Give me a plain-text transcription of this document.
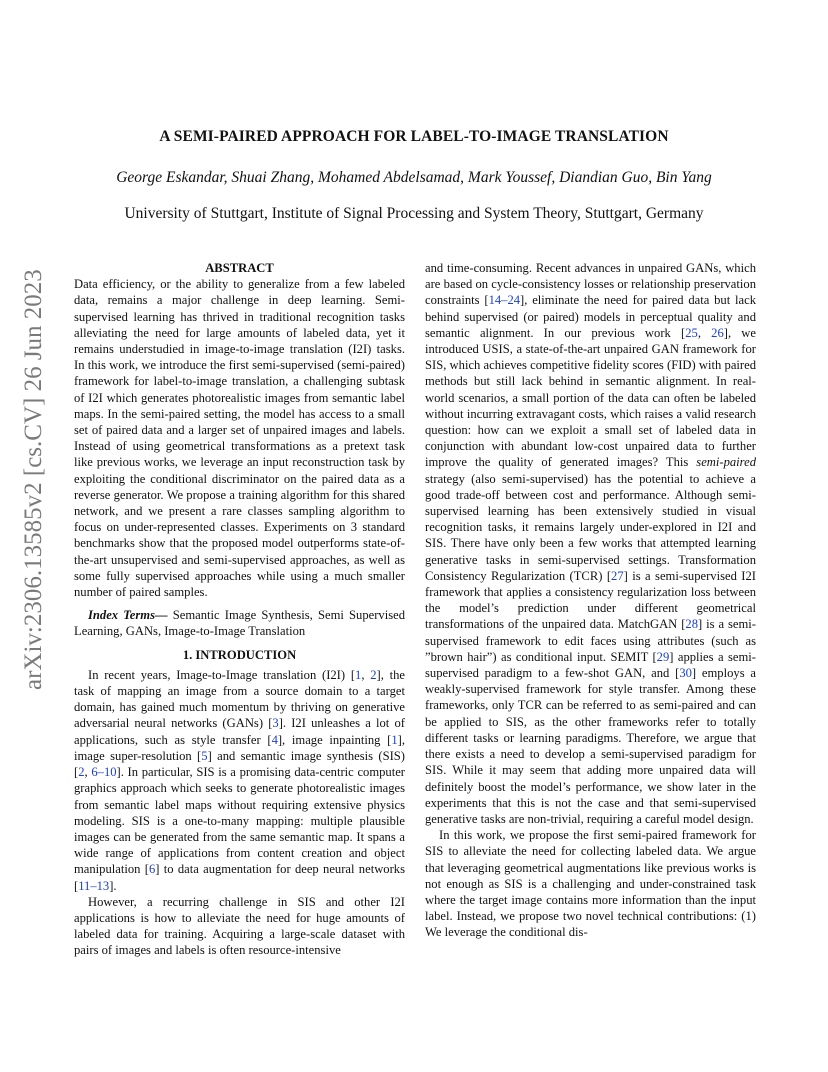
arXiv:2306.13585v2 [cs.CV] 26 Jun 2023
A SEMI-PAIRED APPROACH FOR LABEL-TO-IMAGE TRANSLATION
George Eskandar, Shuai Zhang, Mohamed Abdelsamad, Mark Youssef, Diandian Guo, Bin Yang
University of Stuttgart, Institute of Signal Processing and System Theory, Stuttgart, Germany
ABSTRACT

Data efficiency, or the ability to generalize from a few labeled data, remains a major challenge in deep learning. Semi-supervised learning has thrived in traditional recognition tasks alleviating the need for large amounts of labeled data, yet it remains understudied in image-to-image translation (I2I) tasks. In this work, we introduce the first semi-supervised (semi-paired) framework for label-to-image translation, a challenging subtask of I2I which generates photorealistic images from semantic label maps. In the semi-paired setting, the model has access to a small set of paired data and a larger set of unpaired images and labels. Instead of using geometrical transformations as a pretext task like previous works, we leverage an input reconstruction task by exploiting the conditional discriminator on the paired data as a reverse generator. We propose a training algorithm for this shared network, and we present a rare classes sampling algorithm to focus on under-represented classes. Experiments on 3 standard benchmarks show that the proposed model outperforms state-of-the-art unsupervised and semi-supervised approaches, as well as some fully supervised approaches while using a much smaller number of paired samples.

Index Terms— Semantic Image Synthesis, Semi Supervised Learning, GANs, Image-to-Image Translation

1. INTRODUCTION

In recent years, Image-to-Image translation (I2I) [1, 2], the task of mapping an image from a source domain to a target domain, has gained much momentum by thriving on generative adversarial neural networks (GANs) [3]. I2I unleashes a lot of applications, such as style transfer [4], image inpainting [1], image super-resolution [5] and semantic image synthesis (SIS) [2, 6–10]. In particular, SIS is a promising data-centric computer graphics approach which seeks to generate photorealistic images from semantic label maps without requiring extensive physics modeling. SIS is a one-to-many mapping: multiple plausible images can be generated from the same semantic map. It spans a wide range of applications from content creation and object manipulation [6] to data augmentation for deep neural networks [11–13].

However, a recurring challenge in SIS and other I2I applications is how to alleviate the need for huge amounts of labeled data for training. Acquiring a large-scale dataset with pairs of images and labels is often resource-intensive

and time-consuming. Recent advances in unpaired GANs, which are based on cycle-consistency losses or relationship preservation constraints [14–24], eliminate the need for paired data but lack behind supervised (or paired) models in perceptual quality and semantic alignment. In our previous work [25, 26], we introduced USIS, a state-of-the-art unpaired GAN framework for SIS, which achieves competitive fidelity scores (FID) with paired methods but still lack behind in semantic alignment. In real-world scenarios, a small portion of the data can often be labeled without incurring extravagant costs, which raises a valid research question: how can we exploit a small set of labeled data in conjunction with abundant low-cost unpaired data to further improve the quality of generated images? This semi-paired strategy (also semi-supervised) has the potential to achieve a good trade-off between cost and performance. Although semi-supervised learning has been extensively studied in visual recognition tasks, it remains largely under-explored in I2I and SIS. There have only been a few works that attempted learning generative tasks in semi-supervised settings. Transformation Consistency Regularization (TCR) [27] is a semi-supervised I2I framework that applies a consistency regularization loss between the model’s prediction under different geometrical transformations of the unpaired data. MatchGAN [28] is a semi-supervised framework to edit faces using attributes (such as ”brown hair”) as conditional input. SEMIT [29] applies a semi-supervised paradigm to a few-shot GAN, and [30] employs a weakly-supervised framework for style transfer. Among these frameworks, only TCR can be referred to as semi-paired and can be applied to SIS, as the other frameworks refer to totally different tasks or learning paradigms. Therefore, we argue that there exists a need to develop a semi-supervised paradigm for SIS. While it may seem that adding more unpaired data will definitely boost the model’s performance, we show later in the experiments that this is not the case and that semi-supervised generative tasks are non-trivial, requiring a careful model design.

In this work, we propose the first semi-paired framework for SIS to alleviate the need for collecting labeled data. We argue that leveraging geometrical augmentations like previous works is not enough as SIS is a challenging and under-constrained task where the target image contains more information than the input label. Instead, we propose two novel technical contributions: (1) We leverage the conditional dis-
